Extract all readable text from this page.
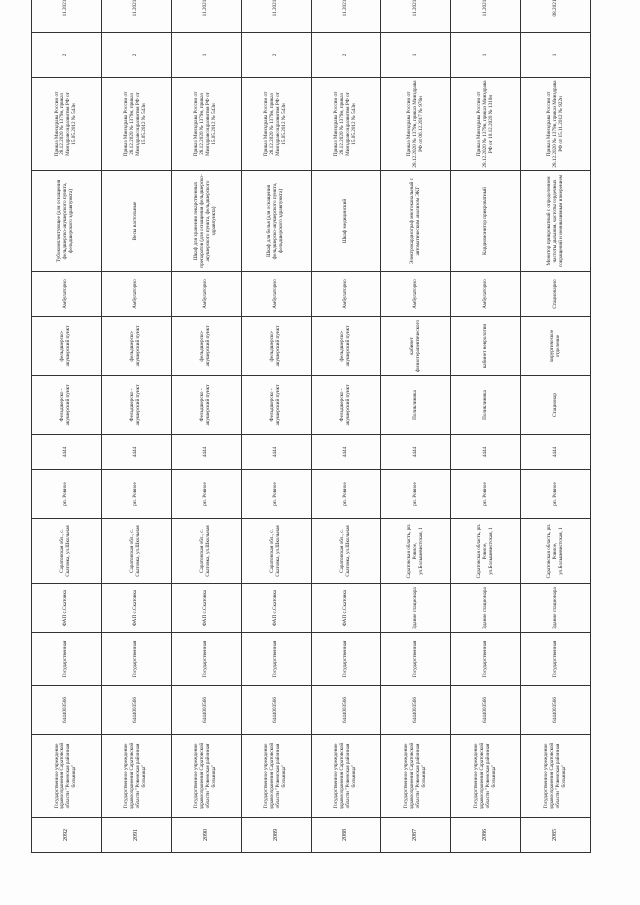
2092	Государственное учреждение здравоохранения Саратовской области "Ровенская районная больница"	6444003566	Государственная	ФАП с.Скатовка	Саратовская обл., с. Скатовка, ул.Школьная	рп. Ровное	4444	Фельдшерско - акушерский пункт	фельдшерско-акушерский пункт	Амбулаторно	Тубокомплектующее (для оснащения фельдшерско-акушерского пункта, фельдшерского здравпункта)	Приказ Минздрава России от 28.12.2020 № 1379н, приказ Минздравсоцразвития РФ от 15.05.2012 № 543н	2	11.2021
2091	Государственное учреждение здравоохранения Саратовской области "Ровенская районная больница"	6444003566	Государственная	ФАП с.Скатовка	Саратовская обл., с. Скатовка, ул.Школьная	рп. Ровное	4444	Фельдшерско - акушерский пункт	фельдшерско-акушерский пункт	Амбулаторно	Весы настольные	Приказ Минздрава России от 28.12.2020 № 1379н, приказ Минздравсоцразвития РФ от 15.05.2012 № 543н	2	11.2021
2090	Государственное учреждение здравоохранения Саратовской области "Ровенская районная больница"	6444003566	Государственная	ФАП с.Скатовка	Саратовская обл., с. Скатовка, ул.Школьная	рп. Ровное	4444	Фельдшерско - акушерский пункт	фельдшерско-акушерский пункт	Амбулаторно	Шкаф для хранения лекарственных препаратов (для оснащения фельдшерско-акушерского пункта, фельдшерского здравпункта)	Приказ Минздрава России от 28.12.2020 № 1379н, приказ Минздравсоцразвития РФ от 15.05.2012 № 543н	1	11.2021
2089	Государственное учреждение здравоохранения Саратовской области "Ровенская районная больница"	6444003566	Государственная	ФАП с.Скатовка	Саратовская обл., с. Скатовка, ул.Школьная	рп. Ровное	4444	Фельдшерско - акушерский пункт	фельдшерско-акушерский пункт	Амбулаторно	Шкаф для белья (для оснащения фельдшерско-акушерского пункта, фельдшерского здравпункта)	Приказ Минздрава России от 28.12.2020 № 1379н, приказ Минздравсоцразвития РФ от 15.05.2012 № 543н	2	11.2021
2088	Государственное учреждение здравоохранения Саратовской области "Ровенская районная больница"	6444003566	Государственная	ФАП с.Скатовка	Саратовская обл., с. Скатовка, ул.Школьная	рп. Ровное	4444	Фельдшерско - акушерский пункт	фельдшерско-акушерский пункт	Амбулаторно	Шкаф медицинский	Приказ Минздрава России от 28.12.2020 № 1379н, приказ Минздравсоцразвития РФ от 15.05.2012 № 543н	2	11.2021
2087	Государственное учреждение здравоохранения Саратовской области "Ровенская районная больница"	6444003566	Государственная	Здание стационара	Саратовская область, рп. Ровное, ул.Большевистская, 1	рп. Ровное	4444	Поликлиника	кабинет физиотерапевтического	Амбулаторно	Электрокардиограф многоканальный с автоматическим анализом ЭКГ	Приказ Минздрава России от 28.12.2020 № 1379н, приказ Минздрава РФ от 06.12.2017 № 976н	1	11.2021
2086	Государственное учреждение здравоохранения Саратовской области "Ровенская районная больница"	6444003566	Государственная	Здание стационара	Саратовская область, рп. Ровное, ул.Большевистская, 1	рп. Ровное	4444	Поликлиника	кабинет неврологии	Амбулаторно	Кардиомонитор прикроватный	Приказ Минздрава России от 28.12.2020 № 1379н, приказ Минздрава РФ от 10.12.2020 № 1310н	1	11.2021
2085	Государственное учреждение здравоохранения Саратовской области "Ровенская районная больница"	6444003566	Государственная	Здание стационара	Саратовская область, рп. Ровное, ул.Большевистская, 1	рп. Ровное	4444	Стационар	хирургическое отделение	Стационарно	Монитор прикроватный с определением частоты дыхания, частоты сердечных сокращений и неинвазивным измерением	Приказ Минздрава России от 28.12.2020 № 1379н, приказ Минздрава РФ от 15.11.2012 № 922н	1	08.2021
